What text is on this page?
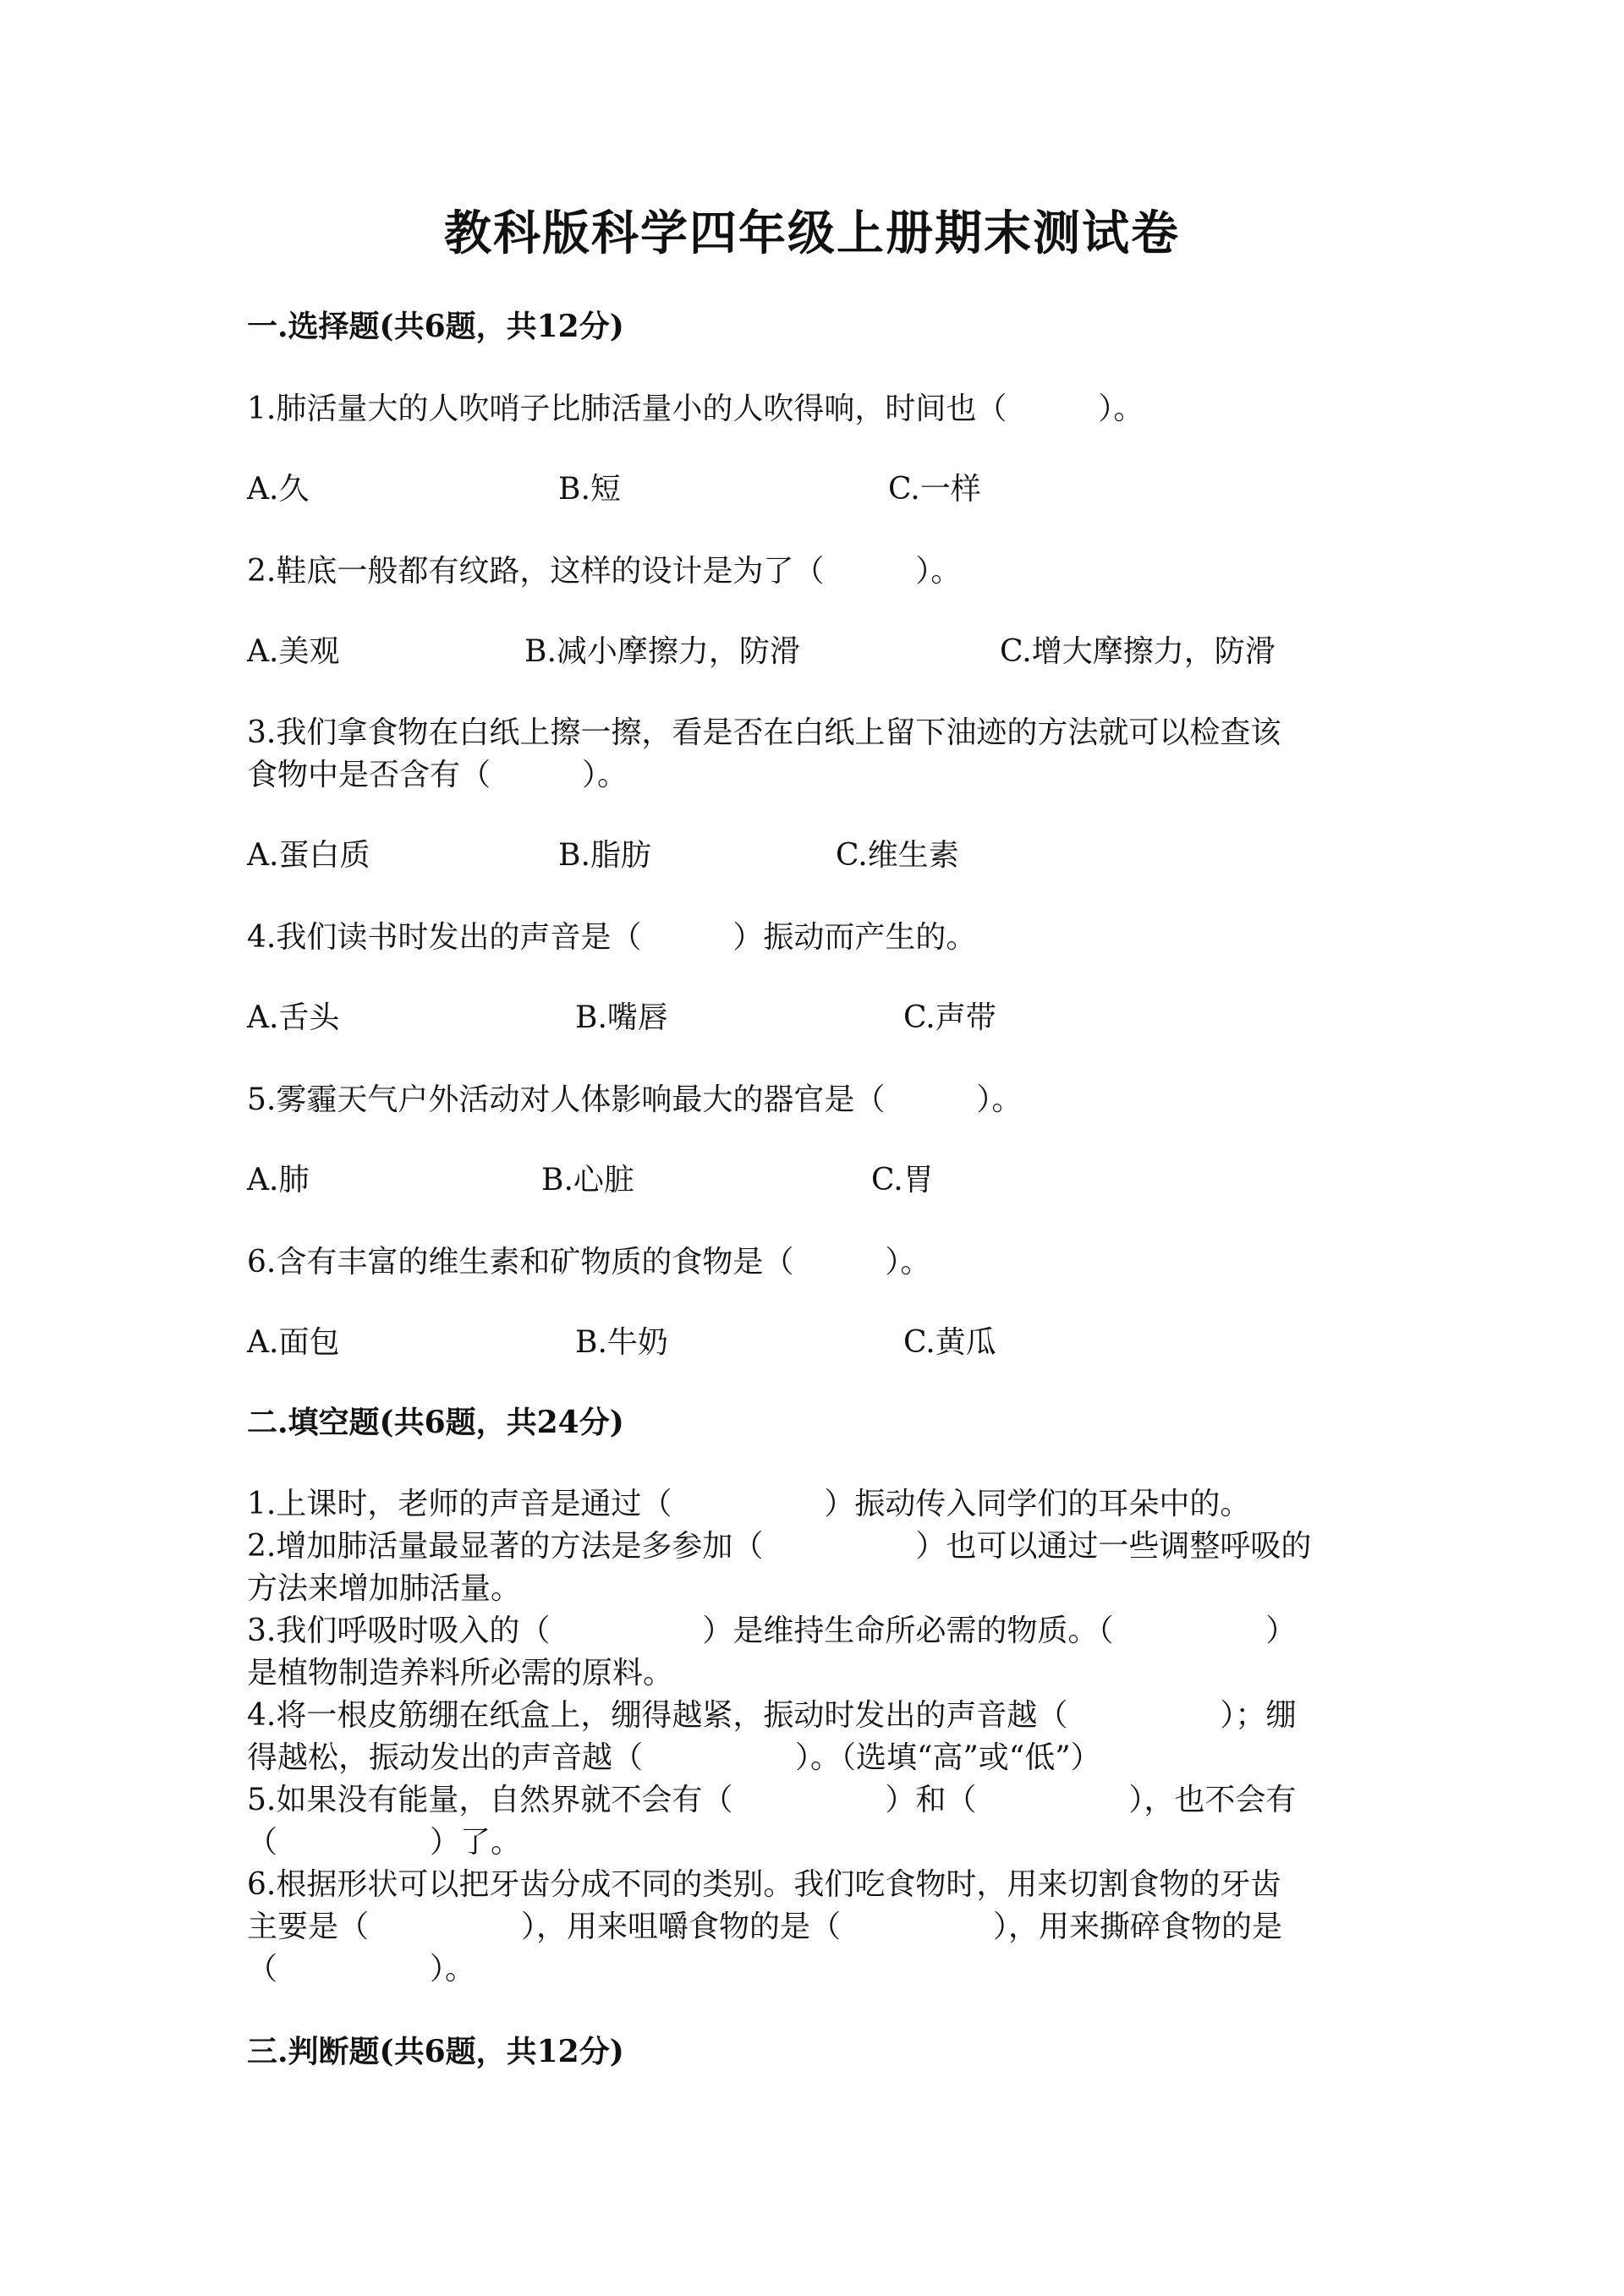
教科版科学四年级上册期末测试卷
一.选择题(共6题，共12分)
1.肺活量大的人吹哨子比肺活量小的人吹得响，时间也（　　　）。
A.久	B.短	C.一样
2.鞋底一般都有纹路，这样的设计是为了（　　　）。
A.美观	B.减小摩擦力，防滑	C.增大摩擦力，防滑
3.我们拿食物在白纸上擦一擦，看是否在白纸上留下油迹的方法就可以检查该
食物中是否含有（　　　）。
A.蛋白质	B.脂肪	C.维生素
4.我们读书时发出的声音是（　　　）振动而产生的。
A.舌头	B.嘴唇	C.声带
5.雾霾天气户外活动对人体影响最大的器官是（　　　）。
A.肺	B.心脏	C.胃
6.含有丰富的维生素和矿物质的食物是（　　　）。
A.面包	B.牛奶	C.黄瓜
二.填空题(共6题，共24分)
1.上课时，老师的声音是通过（　　　　　）振动传入同学们的耳朵中的。
2.增加肺活量最显著的方法是多参加（　　　　　）也可以通过一些调整呼吸的
方法来增加肺活量。
3.我们呼吸时吸入的（　　　　　）是维持生命所必需的物质。（　　　　　）
是植物制造养料所必需的原料。
4.将一根皮筋绷在纸盒上，绷得越紧，振动时发出的声音越（　　　　　）；绷
得越松，振动发出的声音越（　　　　　）。（选填“高”或“低”）
5.如果没有能量，自然界就不会有（　　　　　）和（　　　　　），也不会有
（　　　　　）了。
6.根据形状可以把牙齿分成不同的类别。我们吃食物时，用来切割食物的牙齿
主要是（　　　　　），用来咀嚼食物的是（　　　　　），用来撕碎食物的是
（　　　　　）。
三.判断题(共6题，共12分)
